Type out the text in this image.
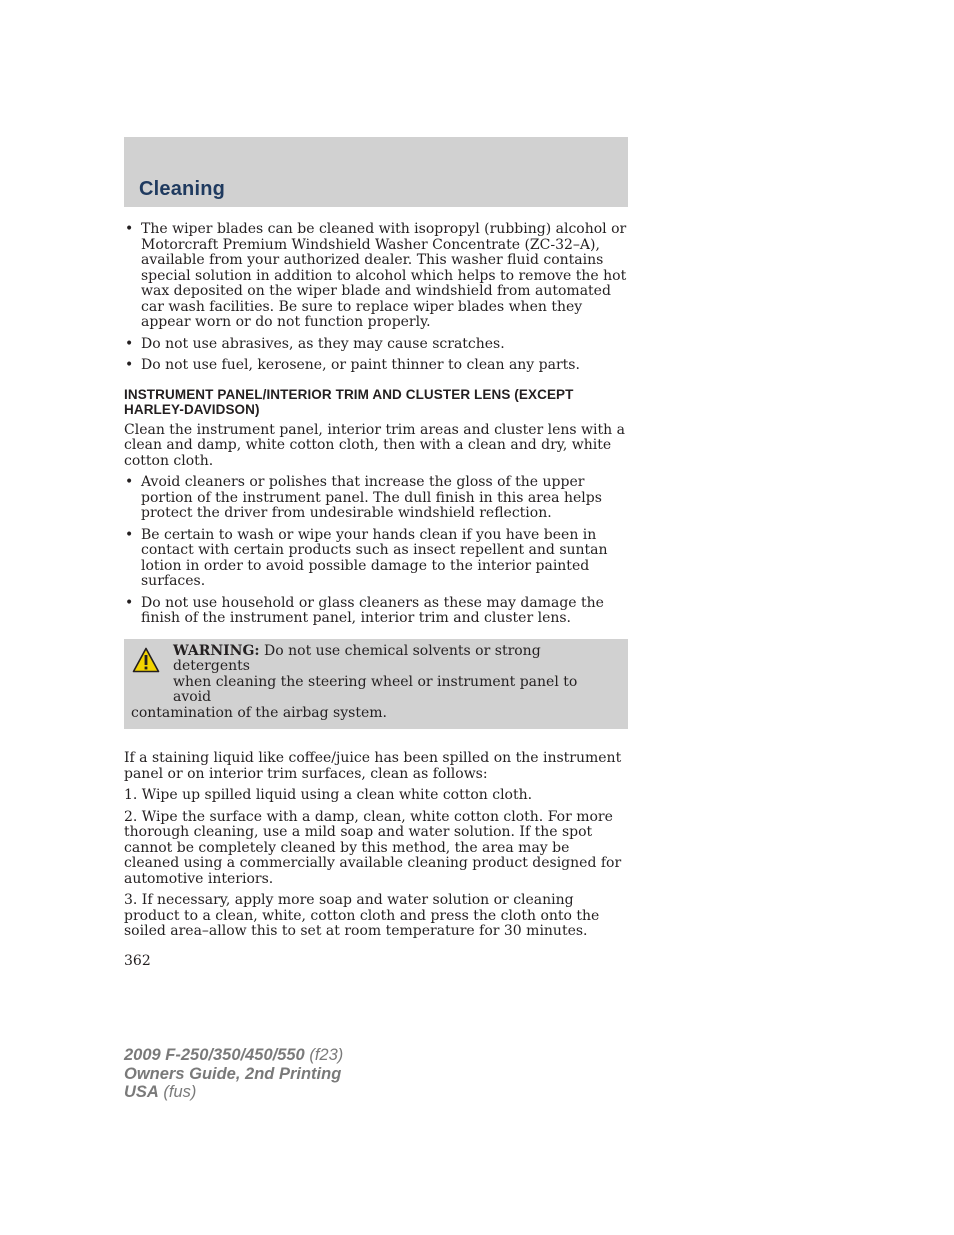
Cleaning
• The wiper blades can be cleaned with isopropyl (rubbing) alcohol or Motorcraft Premium Windshield Washer Concentrate (ZC-32–A), available from your authorized dealer. This washer fluid contains special solution in addition to alcohol which helps to remove the hot wax deposited on the wiper blade and windshield from automated car wash facilities. Be sure to replace wiper blades when they appear worn or do not function properly.
• Do not use abrasives, as they may cause scratches.
• Do not use fuel, kerosene, or paint thinner to clean any parts.
INSTRUMENT PANEL/INTERIOR TRIM AND CLUSTER LENS (EXCEPT HARLEY-DAVIDSON)

Clean the instrument panel, interior trim areas and cluster lens with a clean and damp, white cotton cloth, then with a clean and dry, white cotton cloth.

• Avoid cleaners or polishes that increase the gloss of the upper portion of the instrument panel. The dull finish in this area helps protect the driver from undesirable windshield reflection.
• Be certain to wash or wipe your hands clean if you have been in contact with certain products such as insect repellent and suntan lotion in order to avoid possible damage to the interior painted surfaces.
• Do not use household or glass cleaners as these may damage the finish of the instrument panel, interior trim and cluster lens.
WARNING: Do not use chemical solvents or strong detergents
when cleaning the steering wheel or instrument panel to avoid
contamination of the airbag system.

If a staining liquid like coffee/juice has been spilled on the instrument panel or on interior trim surfaces, clean as follows:

1. Wipe up spilled liquid using a clean white cotton cloth.

2. Wipe the surface with a damp, clean, white cotton cloth. For more thorough cleaning, use a mild soap and water solution. If the spot cannot be completely cleaned by this method, the area may be cleaned using a commercially available cleaning product designed for automotive interiors.

3. If necessary, apply more soap and water solution or cleaning product to a clean, white, cotton cloth and press the cloth onto the soiled area–allow this to set at room temperature for 30 minutes.

362
2009 F-250/350/450/550 (f23)
Owners Guide, 2nd Printing
USA (fus)
